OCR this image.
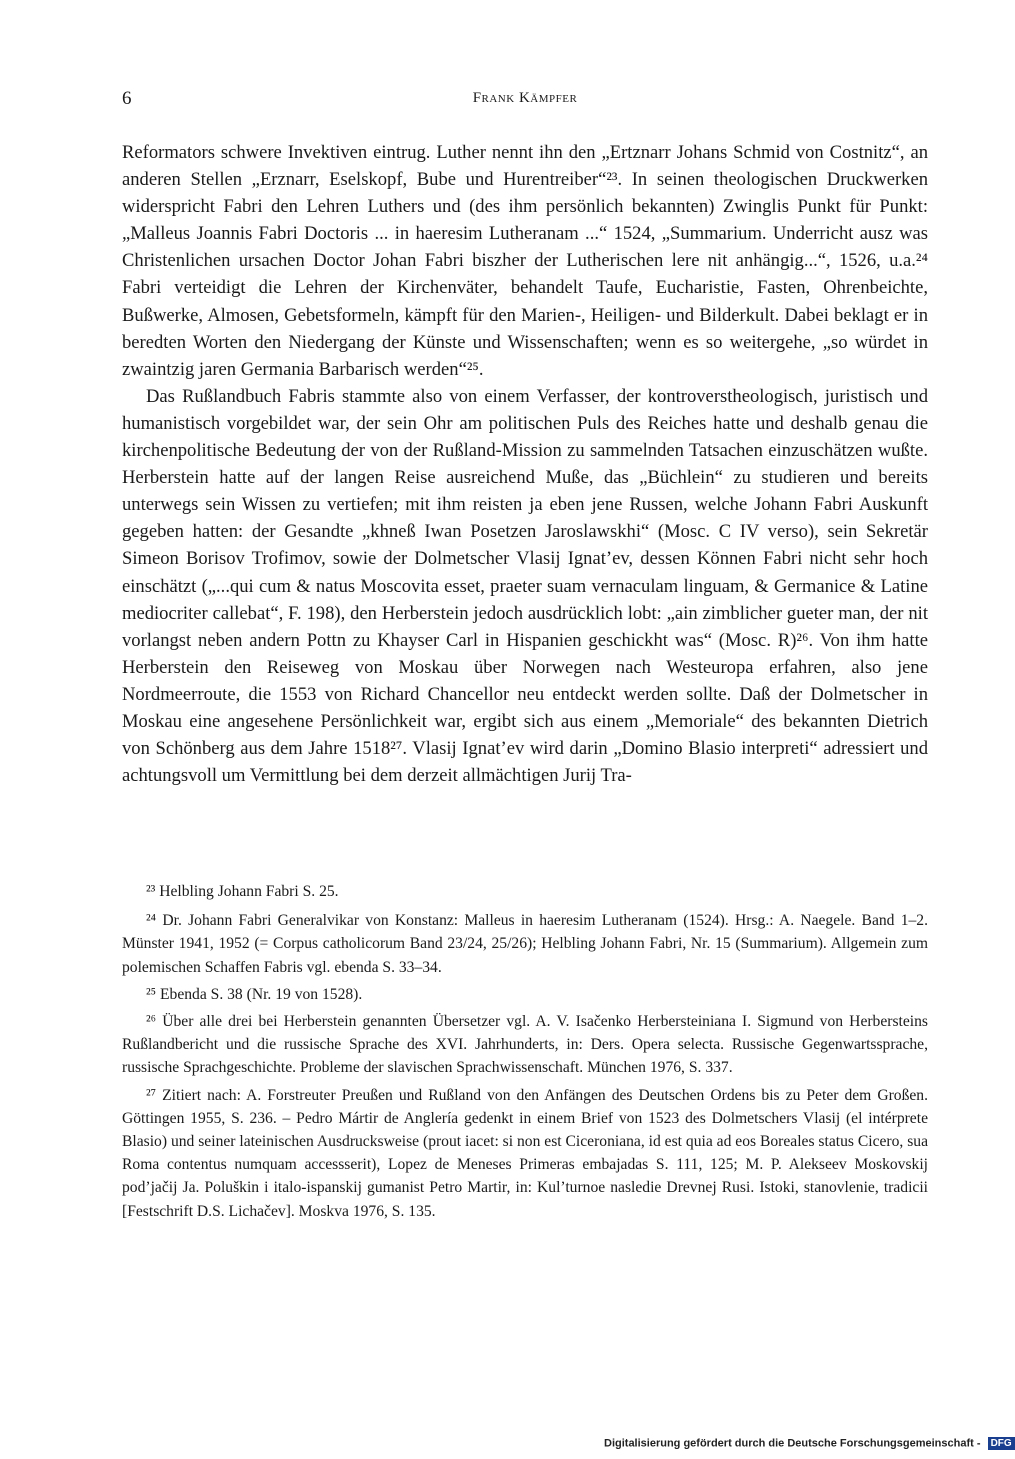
6	Frank Kämpfer

Reformators schwere Invektiven eintrug. Luther nennt ihn den „Ertznarr Johans Schmid von Costnitz“, an anderen Stellen „Erznarr, Eselskopf, Bube und Hurentreiber“²³. In seinen theologischen Druckwerken widerspricht Fabri den Lehren Luthers und (des ihm persönlich bekannten) Zwinglis Punkt für Punkt: „Malleus Joannis Fabri Doctoris ... in haeresim Lutheranam ...“ 1524, „Summarium. Underricht ausz was Christenlichen ursachen Doctor Johan Fabri biszher der Lutherischen lere nit anhängig...“, 1526, u.a.²⁴ Fabri verteidigt die Lehren der Kirchenväter, behandelt Taufe, Eucharistie, Fasten, Ohrenbeichte, Bußwerke, Almosen, Gebetsformeln, kämpft für den Marien-, Heiligen- und Bilderkult. Dabei beklagt er in beredten Worten den Niedergang der Künste und Wissenschaften; wenn es so weitergehe, „so würdet in zwaintzig jaren Germania Barbarisch werden“²⁵.

Das Rußlandbuch Fabris stammte also von einem Verfasser, der kontroverstheologisch, juristisch und humanistisch vorgebildet war, der sein Ohr am politischen Puls des Reiches hatte und deshalb genau die kirchenpolitische Bedeutung der von der Rußland-Mission zu sammelnden Tatsachen einzuschätzen wußte. Herberstein hatte auf der langen Reise ausreichend Muße, das „Büchlein“ zu studieren und bereits unterwegs sein Wissen zu vertiefen; mit ihm reisten ja eben jene Russen, welche Johann Fabri Auskunft gegeben hatten: der Gesandte „khneß Iwan Posetzen Jaroslawskhi“ (Mosc. C IV verso), sein Sekretär Simeon Borisov Trofimov, sowie der Dolmetscher Vlasij Ignat’ev, dessen Können Fabri nicht sehr hoch einschätzt („...qui cum & natus Moscovita esset, praeter suam vernaculam linguam, & Germanice & Latine mediocriter callebat“, F. 198), den Herberstein jedoch ausdrücklich lobt: „ain zimblicher gueter man, der nit vorlangst neben andern Pottn zu Khayser Carl in Hispanien geschickht was“ (Mosc. R)²⁶. Von ihm hatte Herberstein den Reiseweg von Moskau über Norwegen nach Westeuropa erfahren, also jene Nordmeerroute, die 1553 von Richard Chancellor neu entdeckt werden sollte. Daß der Dolmetscher in Moskau eine angesehene Persönlichkeit war, ergibt sich aus einem „Memoriale“ des bekannten Dietrich von Schönberg aus dem Jahre 1518²⁷. Vlasij Ignat’ev wird darin „Domino Blasio interpreti“ adressiert und achtungsvoll um Vermittlung bei dem derzeit allmächtigen Jurij Tra-

²³ Helbling Johann Fabri S. 25.

²⁴ Dr. Johann Fabri Generalvikar von Konstanz: Malleus in haeresim Lutheranam (1524). Hrsg.: A. Naegele. Band 1–2. Münster 1941, 1952 (= Corpus catholicorum Band 23/24, 25/26); Helbling Johann Fabri, Nr. 15 (Summarium). Allgemein zum polemischen Schaffen Fabris vgl. ebenda S. 33–34.

²⁵ Ebenda S. 38 (Nr. 19 von 1528).

²⁶ Über alle drei bei Herberstein genannten Übersetzer vgl. A. V. Isačenko Herbersteiniana I. Sigmund von Herbersteins Rußlandbericht und die russische Sprache des XVI. Jahrhunderts, in: Ders. Opera selecta. Russische Gegenwartssprache, russische Sprachgeschichte. Probleme der slavischen Sprachwissenschaft. München 1976, S. 337.

²⁷ Zitiert nach: A. Forstreuter Preußen und Rußland von den Anfängen des Deutschen Ordens bis zu Peter dem Großen. Göttingen 1955, S. 236. – Pedro Mártir de Anglería gedenkt in einem Brief von 1523 des Dolmetschers Vlasij (el intérprete Blasio) und seiner lateinischen Ausdrucksweise (prout iacet: si non est Ciceroniana, id est quia ad eos Boreales status Cicero, sua Roma contentus numquam accessserit), Lopez de Meneses Primeras embajadas S. 111, 125; M. P. Alekseev Moskovskij pod’jačij Ja. Poluškin i italo-ispanskij gumanist Petro Martir, in: Kul’turnoe nasledie Drevnej Rusi. Istoki, stanovlenie, tradicii [Festschrift D.S. Lichačev]. Moskva 1976, S. 135.

Digitalisierung gefördert durch die Deutsche Forschungsgemeinschaft - DFG
